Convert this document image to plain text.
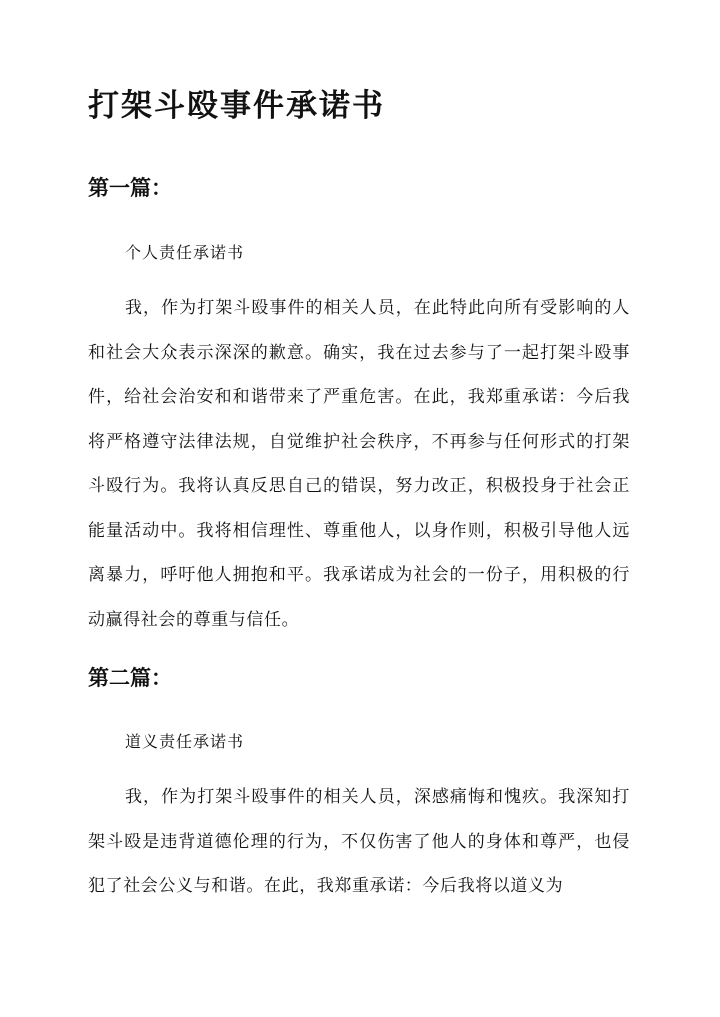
打架斗殴事件承诺书
第一篇：

个人责任承诺书

我，作为打架斗殴事件的相关人员，在此特此向所有受影响的人和社会大众表示深深的歉意。确实，我在过去参与了一起打架斗殴事件，给社会治安和和谐带来了严重危害。在此，我郑重承诺：今后我将严格遵守法律法规，自觉维护社会秩序，不再参与任何形式的打架斗殴行为。我将认真反思自己的错误，努力改正，积极投身于社会正能量活动中。我将相信理性、尊重他人，以身作则，积极引导他人远离暴力，呼吁他人拥抱和平。我承诺成为社会的一份子，用积极的行动赢得社会的尊重与信任。

第二篇：

道义责任承诺书

我，作为打架斗殴事件的相关人员，深感痛悔和愧疚。我深知打架斗殴是违背道德伦理的行为，不仅伤害了他人的身体和尊严，也侵犯了社会公义与和谐。在此，我郑重承诺：今后我将以道义为
